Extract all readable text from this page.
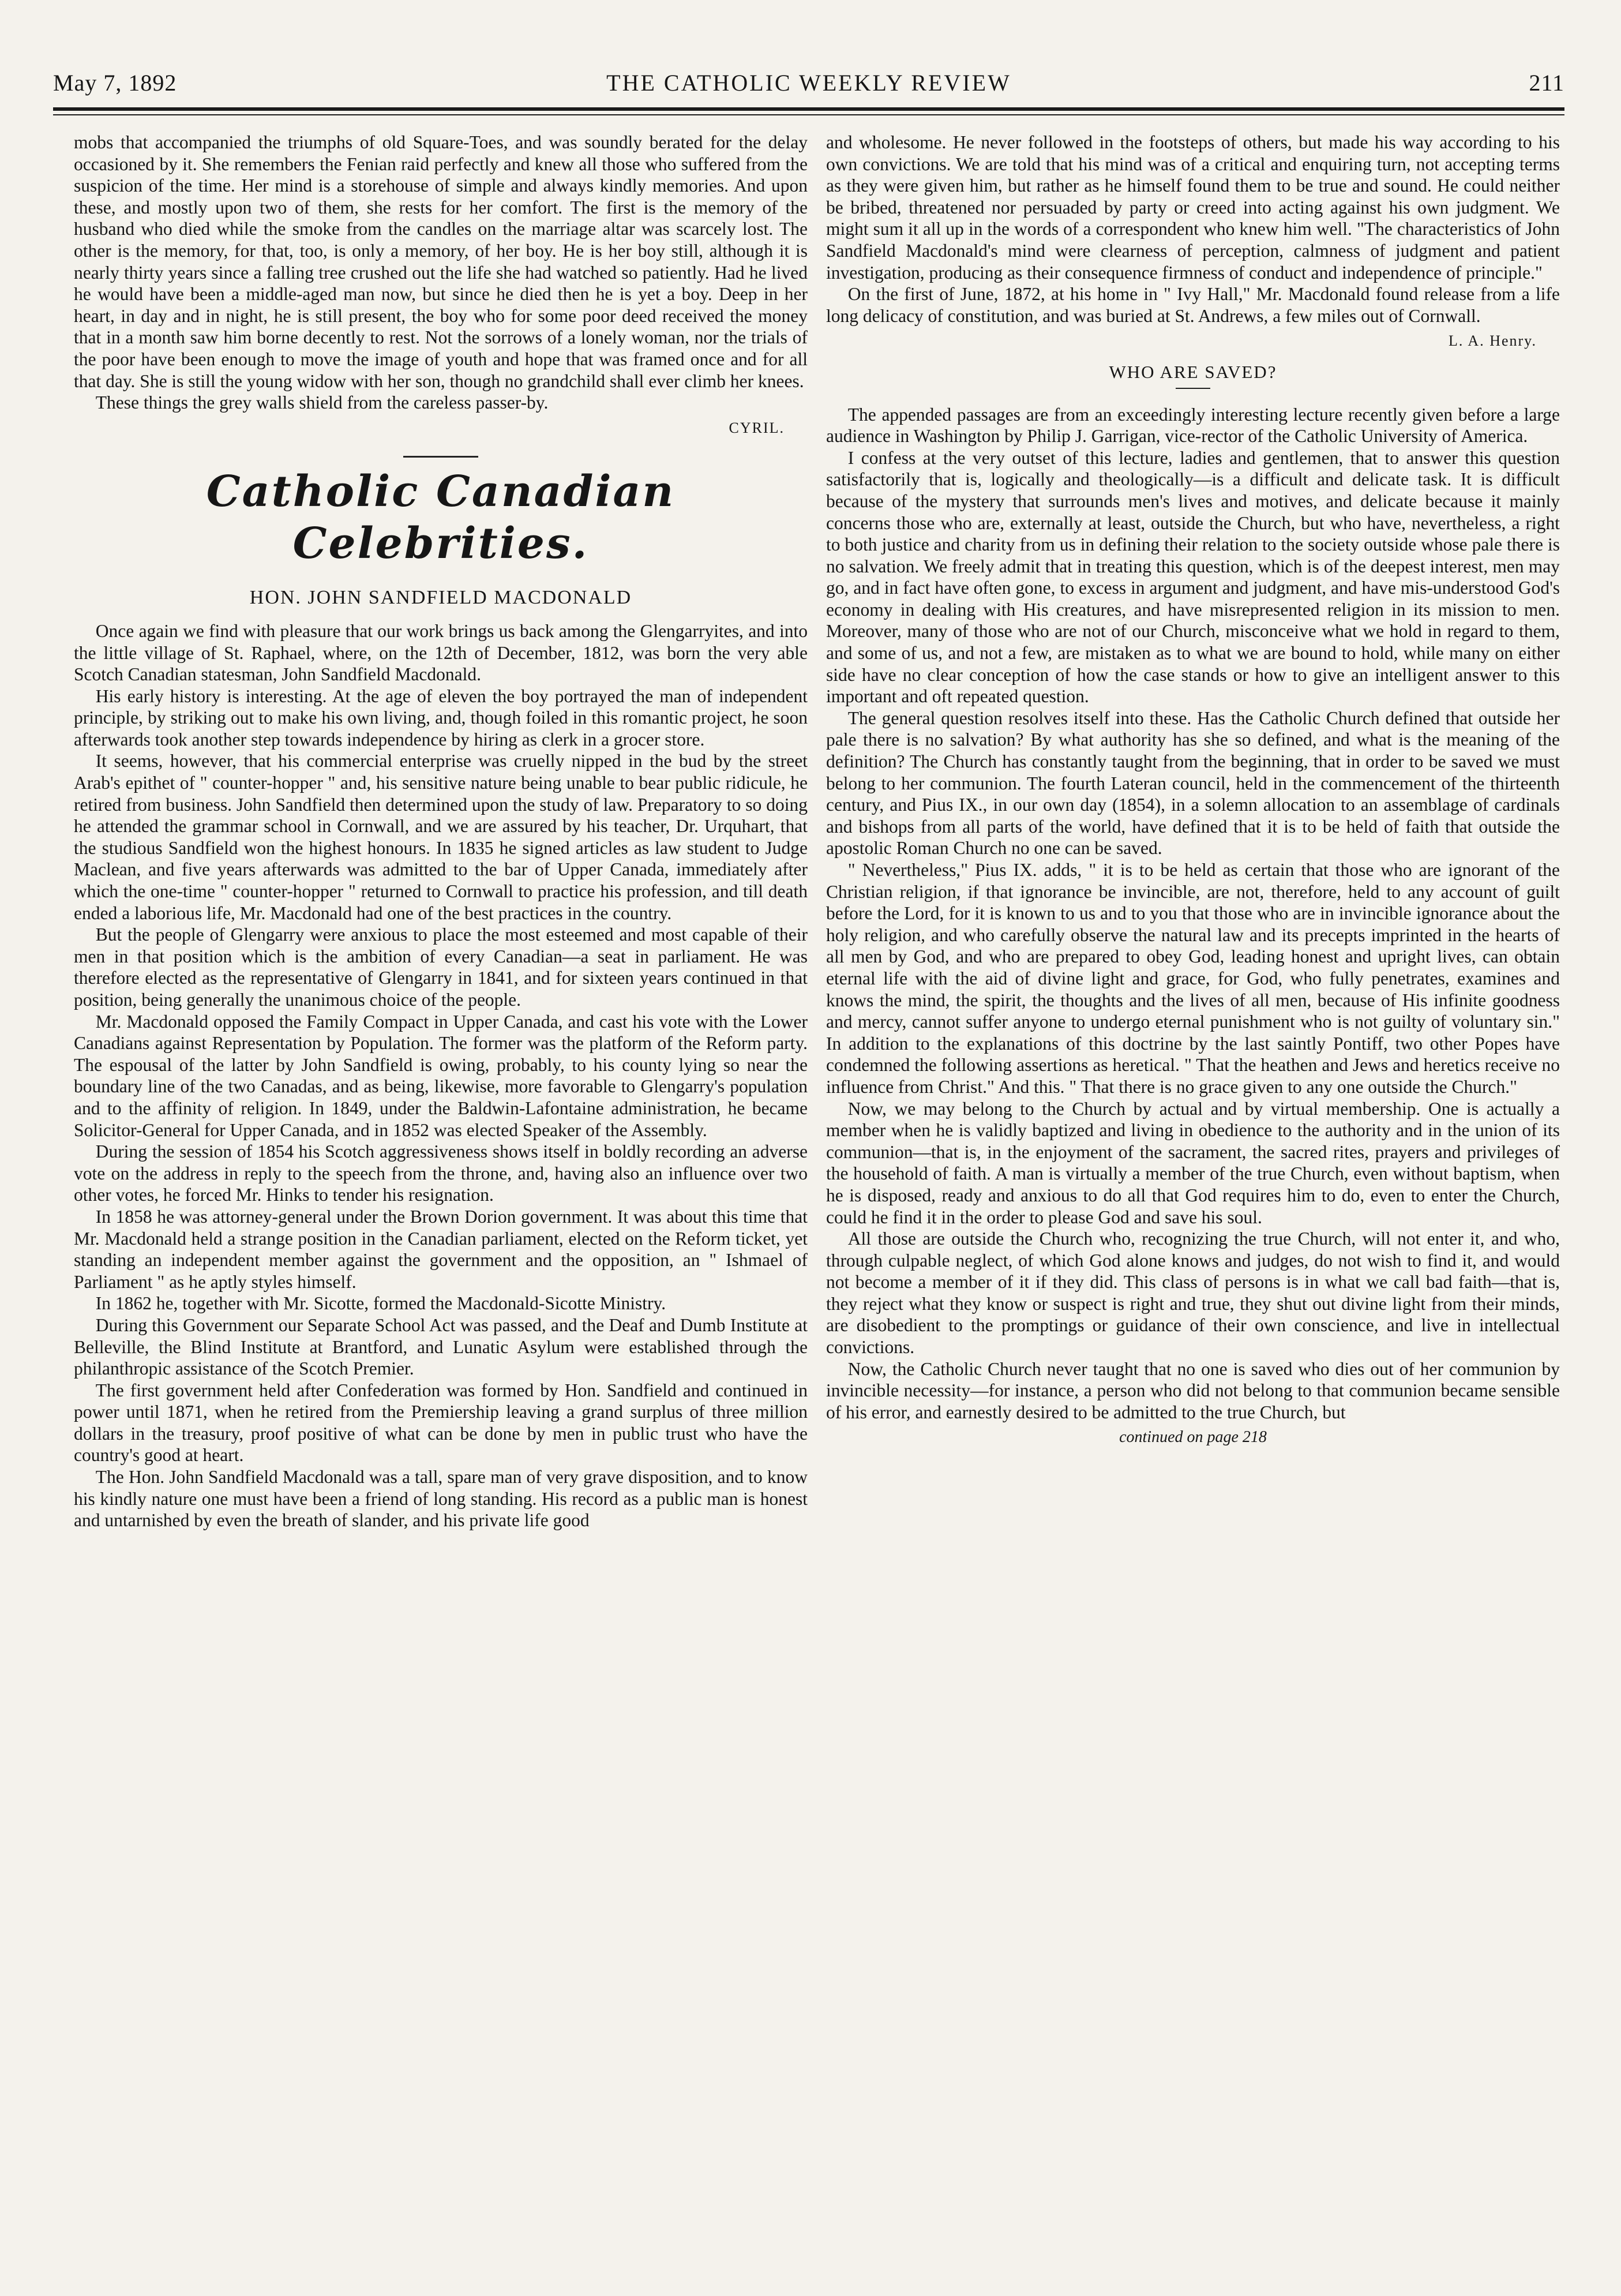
May 7, 1892	THE CATHOLIC WEEKLY REVIEW	211

mobs that accompanied the triumphs of old Square-Toes, and was soundly berated for the delay occasioned by it. She remembers the Fenian raid perfectly and knew all those who suffered from the suspicion of the time. Her mind is a storehouse of simple and always kindly memories. And upon these, and mostly upon two of them, she rests for her comfort. The first is the memory of the husband who died while the smoke from the candles on the marriage altar was scarcely lost. The other is the memory, for that, too, is only a memory, of her boy. He is her boy still, although it is nearly thirty years since a falling tree crushed out the life she had watched so patiently. Had he lived he would have been a middle-aged man now, but since he died then he is yet a boy. Deep in her heart, in day and in night, he is still present, the boy who for some poor deed received the money that in a month saw him borne decently to rest. Not the sorrows of a lonely woman, nor the trials of the poor have been enough to move the image of youth and hope that was framed once and for all that day. She is still the young widow with her son, though no grandchild shall ever climb her knees.

These things the grey walls shield from the careless passer-by.

CYRIL.
Catholic Canadian Celebrities.
HON. JOHN SANDFIELD MACDONALD

Once again we find with pleasure that our work brings us back among the Glengarryites, and into the little village of St. Raphael, where, on the 12th of December, 1812, was born the very able Scotch Canadian statesman, John Sandfield Macdonald.

His early history is interesting. At the age of eleven the boy portrayed the man of independent principle, by striking out to make his own living, and, though foiled in this romantic project, he soon afterwards took another step towards independence by hiring as clerk in a grocer store.

It seems, however, that his commercial enterprise was cruelly nipped in the bud by the street Arab's epithet of " counter-hopper " and, his sensitive nature being unable to bear public ridicule, he retired from business. John Sandfield then determined upon the study of law. Preparatory to so doing he attended the grammar school in Cornwall, and we are assured by his teacher, Dr. Urquhart, that the studious Sandfield won the highest honours. In 1835 he signed articles as law student to Judge Maclean, and five years afterwards was admitted to the bar of Upper Canada, immediately after which the one-time " counter-hopper " returned to Cornwall to practice his profession, and till death ended a laborious life, Mr. Macdonald had one of the best practices in the country.

But the people of Glengarry were anxious to place the most esteemed and most capable of their men in that position which is the ambition of every Canadian—a seat in parliament. He was therefore elected as the representative of Glengarry in 1841, and for sixteen years continued in that position, being generally the unanimous choice of the people.

Mr. Macdonald opposed the Family Compact in Upper Canada, and cast his vote with the Lower Canadians against Representation by Population. The former was the platform of the Reform party. The espousal of the latter by John Sandfield is owing, probably, to his county lying so near the boundary line of the two Canadas, and as being, likewise, more favorable to Glengarry's population and to the affinity of religion. In 1849, under the Baldwin-Lafontaine administration, he became Solicitor-General for Upper Canada, and in 1852 was elected Speaker of the Assembly.

During the session of 1854 his Scotch aggressiveness shows itself in boldly recording an adverse vote on the address in reply to the speech from the throne, and, having also an influence over two other votes, he forced Mr. Hinks to tender his resignation.

In 1858 he was attorney-general under the Brown Dorion government. It was about this time that Mr. Macdonald held a strange position in the Canadian parliament, elected on the Reform ticket, yet standing an independent member against the government and the opposition, an " Ishmael of Parliament " as he aptly styles himself.

In 1862 he, together with Mr. Sicotte, formed the Macdonald-Sicotte Ministry.

During this Government our Separate School Act was passed, and the Deaf and Dumb Institute at Belleville, the Blind Institute at Brantford, and Lunatic Asylum were established through the philanthropic assistance of the Scotch Premier.

The first government held after Confederation was formed by Hon. Sandfield and continued in power until 1871, when he retired from the Premiership leaving a grand surplus of three million dollars in the treasury, proof positive of what can be done by men in public trust who have the country's good at heart.

The Hon. John Sandfield Macdonald was a tall, spare man of very grave disposition, and to know his kindly nature one must have been a friend of long standing. His record as a public man is honest and untarnished by even the breath of slander, and his private life good

and wholesome. He never followed in the footsteps of others, but made his way according to his own convictions. We are told that his mind was of a critical and enquiring turn, not accepting terms as they were given him, but rather as he himself found them to be true and sound. He could neither be bribed, threatened nor persuaded by party or creed into acting against his own judgment. We might sum it all up in the words of a correspondent who knew him well. "The characteristics of John Sandfield Macdonald's mind were clearness of perception, calmness of judgment and patient investigation, producing as their consequence firmness of conduct and independence of principle."

On the first of June, 1872, at his home in " Ivy Hall," Mr. Macdonald found release from a life long delicacy of constitution, and was buried at St. Andrews, a few miles out of Cornwall.

L. A. Henry.
WHO ARE SAVED?

The appended passages are from an exceedingly interesting lecture recently given before a large audience in Washington by Philip J. Garrigan, vice-rector of the Catholic University of America.

I confess at the very outset of this lecture, ladies and gentlemen, that to answer this question satisfactorily that is, logically and theologically—is a difficult and delicate task. It is difficult because of the mystery that surrounds men's lives and motives, and delicate because it mainly concerns those who are, externally at least, outside the Church, but who have, nevertheless, a right to both justice and charity from us in defining their relation to the society outside whose pale there is no salvation. We freely admit that in treating this question, which is of the deepest interest, men may go, and in fact have often gone, to excess in argument and judgment, and have mis-understood God's economy in dealing with His creatures, and have misrepresented religion in its mission to men. Moreover, many of those who are not of our Church, misconceive what we hold in regard to them, and some of us, and not a few, are mistaken as to what we are bound to hold, while many on either side have no clear conception of how the case stands or how to give an intelligent answer to this important and oft repeated question.

The general question resolves itself into these. Has the Catholic Church defined that outside her pale there is no salvation? By what authority has she so defined, and what is the meaning of the definition? The Church has constantly taught from the beginning, that in order to be saved we must belong to her communion. The fourth Lateran council, held in the commencement of the thirteenth century, and Pius IX., in our own day (1854), in a solemn allocation to an assemblage of cardinals and bishops from all parts of the world, have defined that it is to be held of faith that outside the apostolic Roman Church no one can be saved.

" Nevertheless," Pius IX. adds, " it is to be held as certain that those who are ignorant of the Christian religion, if that ignorance be invincible, are not, therefore, held to any account of guilt before the Lord, for it is known to us and to you that those who are in invincible ignorance about the holy religion, and who carefully observe the natural law and its precepts imprinted in the hearts of all men by God, and who are prepared to obey God, leading honest and upright lives, can obtain eternal life with the aid of divine light and grace, for God, who fully penetrates, examines and knows the mind, the spirit, the thoughts and the lives of all men, because of His infinite goodness and mercy, cannot suffer anyone to undergo eternal punishment who is not guilty of voluntary sin." In addition to the explanations of this doctrine by the last saintly Pontiff, two other Popes have condemned the following assertions as heretical. " That the heathen and Jews and heretics receive no influence from Christ." And this. " That there is no grace given to any one outside the Church."

Now, we may belong to the Church by actual and by virtual membership. One is actually a member when he is validly baptized and living in obedience to the authority and in the union of its communion—that is, in the enjoyment of the sacrament, the sacred rites, prayers and privileges of the household of faith. A man is virtually a member of the true Church, even without baptism, when he is disposed, ready and anxious to do all that God requires him to do, even to enter the Church, could he find it in the order to please God and save his soul.

All those are outside the Church who, recognizing the true Church, will not enter it, and who, through culpable neglect, of which God alone knows and judges, do not wish to find it, and would not become a member of it if they did. This class of persons is in what we call bad faith—that is, they reject what they know or suspect is right and true, they shut out divine light from their minds, are disobedient to the promptings or guidance of their own conscience, and live in intellectual convictions.

Now, the Catholic Church never taught that no one is saved who dies out of her communion by invincible necessity—for instance, a person who did not belong to that communion became sensible of his error, and earnestly desired to be admitted to the true Church, but

continued on page 218
